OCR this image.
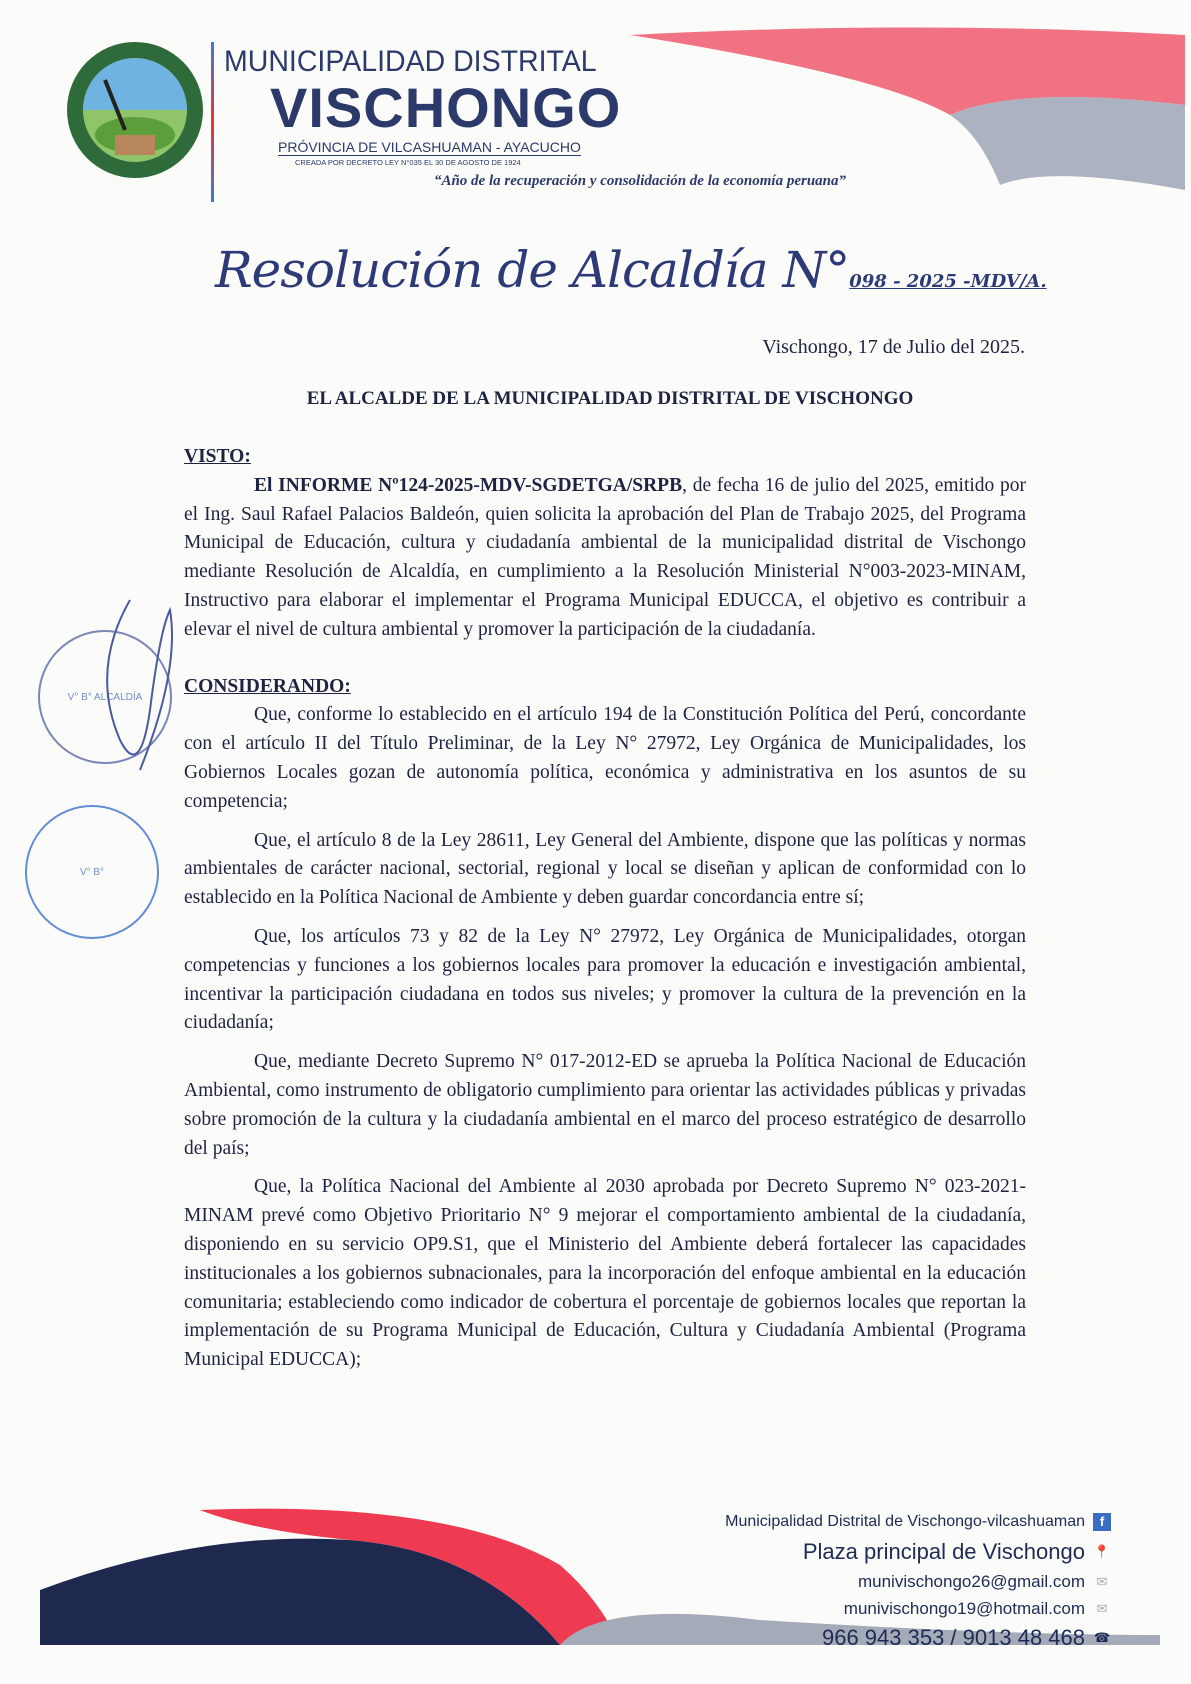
MUNICIPALIDAD DISTRITAL
VISCHONGO
PRÓVINCIA DE VILCASHUAMAN - AYACUCHO
CREADA POR DECRETO LEY N°035 EL 30 DE AGOSTO DE 1924
“Año de la recuperación y consolidación de la economía peruana”
Resolución de Alcaldía N°098 - 2025 -MDV/A.
Vischongo, 17 de Julio del 2025.
EL ALCALDE DE LA MUNICIPALIDAD DISTRITAL DE VISCHONGO
VISTO:

El INFORME Nº124-2025-MDV-SGDETGA/SRPB, de fecha 16 de julio del 2025, emitido por el Ing. Saul Rafael Palacios Baldeón, quien solicita la aprobación del Plan de Trabajo 2025, del Programa Municipal de Educación, cultura y ciudadanía ambiental de la municipalidad distrital de Vischongo mediante Resolución de Alcaldía, en cumplimiento a la Resolución Ministerial N°003-2023-MINAM, Instructivo para elaborar el implementar el Programa Municipal EDUCCA, el objetivo es contribuir a elevar el nivel de cultura ambiental y promover la participación de la ciudadanía.

CONSIDERANDO:

Que, conforme lo establecido en el artículo 194 de la Constitución Política del Perú, concordante con el artículo II del Título Preliminar, de la Ley N° 27972, Ley Orgánica de Municipalidades, los Gobiernos Locales gozan de autonomía política, económica y administrativa en los asuntos de su competencia;

Que, el artículo 8 de la Ley 28611, Ley General del Ambiente, dispone que las políticas y normas ambientales de carácter nacional, sectorial, regional y local se diseñan y aplican de conformidad con lo establecido en la Política Nacional de Ambiente y deben guardar concordancia entre sí;

Que, los artículos 73 y 82 de la Ley N° 27972, Ley Orgánica de Municipalidades, otorgan competencias y funciones a los gobiernos locales para promover la educación e investigación ambiental, incentivar la participación ciudadana en todos sus niveles; y promover la cultura de la prevención en la ciudadanía;

Que, mediante Decreto Supremo N° 017-2012-ED se aprueba la Política Nacional de Educación Ambiental, como instrumento de obligatorio cumplimiento para orientar las actividades públicas y privadas sobre promoción de la cultura y la ciudadanía ambiental en el marco del proceso estratégico de desarrollo del país;

Que, la Política Nacional del Ambiente al 2030 aprobada por Decreto Supremo N° 023-2021-MINAM prevé como Objetivo Prioritario N° 9 mejorar el comportamiento ambiental de la ciudadanía, disponiendo en su servicio OP9.S1, que el Ministerio del Ambiente deberá fortalecer las capacidades institucionales a los gobiernos subnacionales, para la incorporación del enfoque ambiental en la educación comunitaria; estableciendo como indicador de cobertura el porcentaje de gobiernos locales que reportan la implementación de su Programa Municipal de Educación, Cultura y Ciudadanía Ambiental (Programa Municipal EDUCCA);

V° B° ALCALDÍA
V° B°
Municipalidad Distrital de Vischongo-vilcashuaman	f
Plaza principal de Vischongo 📍
munivischongo26@gmail.com ✉
munivischongo19@hotmail.com ✉
966 943 353 / 9013 48 468 ☎
